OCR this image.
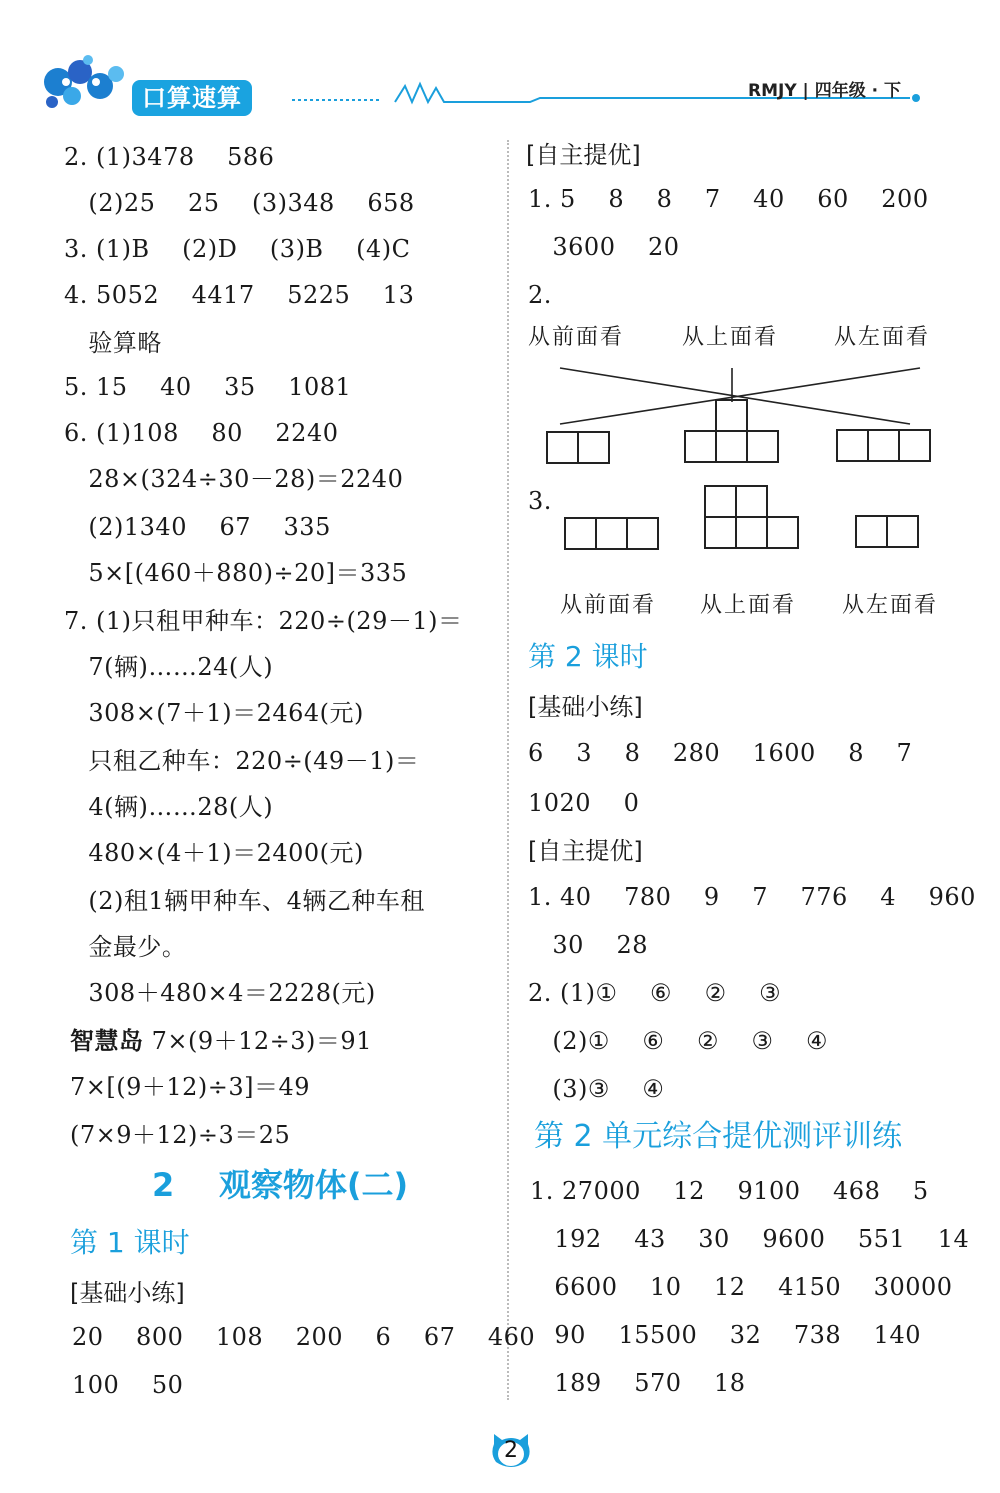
口算速算	RMJY | 四年级 · 下
2. (1)3478    586
(2)25    25    (3)348    658
3. (1)B    (2)D    (3)B    (4)C
4. 5052    4417    5225    13
验算略
5. 15    40    35    1081
6. (1)108    80    2240
28×(324÷30－28)＝2240
(2)1340    67    335
5×[(460＋880)÷20]＝335
7. (1)只租甲种车：220÷(29－1)＝
7(辆)……24(人)
308×(7＋1)＝2464(元)
只租乙种车：220÷(49－1)＝
4(辆)……28(人)
480×(4＋1)＝2400(元)
(2)租1辆甲种车、4辆乙种车租
金最少。
308＋480×4＝2228(元)
智慧岛 7×(9＋12÷3)＝91
7×[(9＋12)÷3]＝49
(7×9＋12)÷3＝25
2    观察物体(二)
第 1 课时
[基础小练]
20    800    108    200    6    67    460
100    50
[自主提优]
1. 5    8    8    7    40    60    200
3600    20
2.
从前面看	从上面看	从左面看
3.
从前面看 从上面看 从左面看
第 2 课时
[基础小练]
6    3    8    280    1600    8    7
1020    0
[自主提优]
1. 40    780    9    7    776    4    960
30    28
2. (1)①    ⑥    ②    ③
(2)①    ⑥    ②    ③    ④
(3)③    ④
第 2 单元综合提优测评训练
1. 27000    12    9100    468    5
192    43    30    9600    551    14
6600    10    12    4150    30000
90    15500    32    738    140
189    570    18
2
